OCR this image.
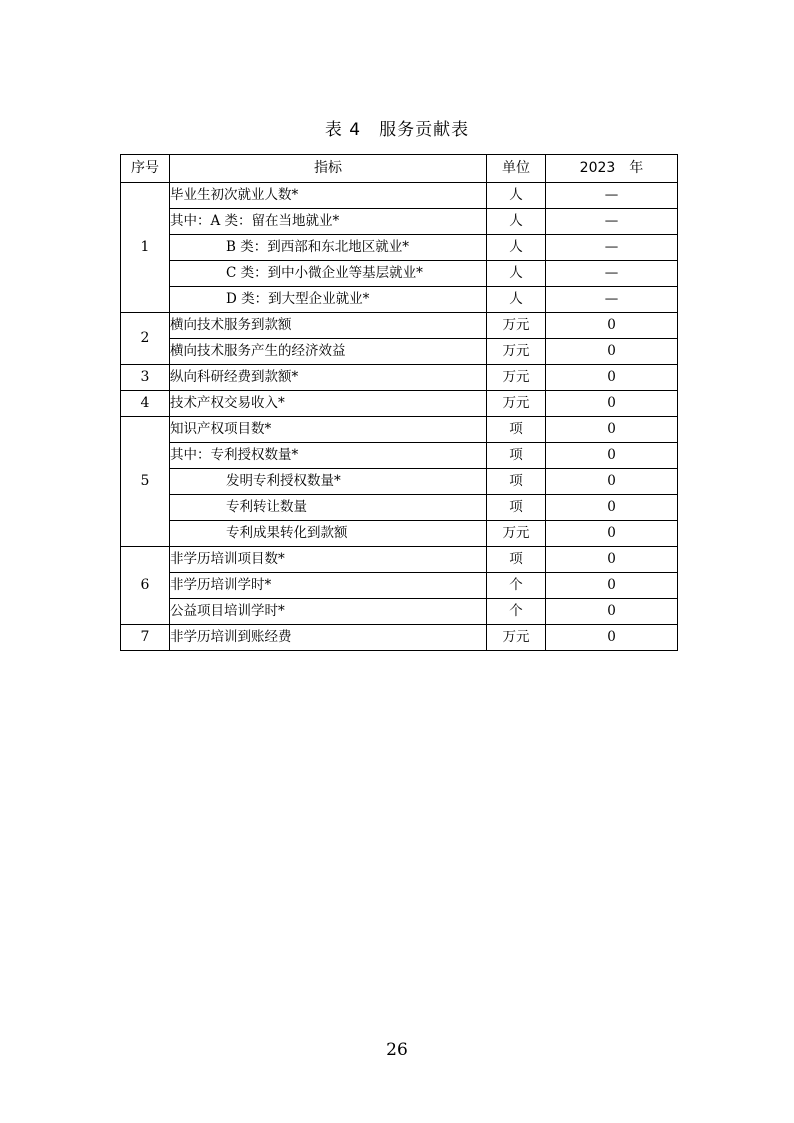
表 4　服务贡献表
序号	指标	单位	2023　年
1	毕业生初次就业人数*	人	—
	其中：A 类：留在当地就业*	人	—
	B 类：到西部和东北地区就业*	人	—
	C 类：到中小微企业等基层就业*	人	—
	D 类：到大型企业就业*	人	—
2	横向技术服务到款额	万元	0
	横向技术服务产生的经济效益	万元	0
3	纵向科研经费到款额*	万元	0
4	技术产权交易收入*	万元	0
5	知识产权项目数*	项	0
	其中：专利授权数量*	项	0
	发明专利授权数量*	项	0
	专利转让数量	项	0
	专利成果转化到款额	万元	0
6	非学历培训项目数*	项	0
	非学历培训学时*	个	0
	公益项目培训学时*	个	0
7	非学历培训到账经费	万元	0
26
